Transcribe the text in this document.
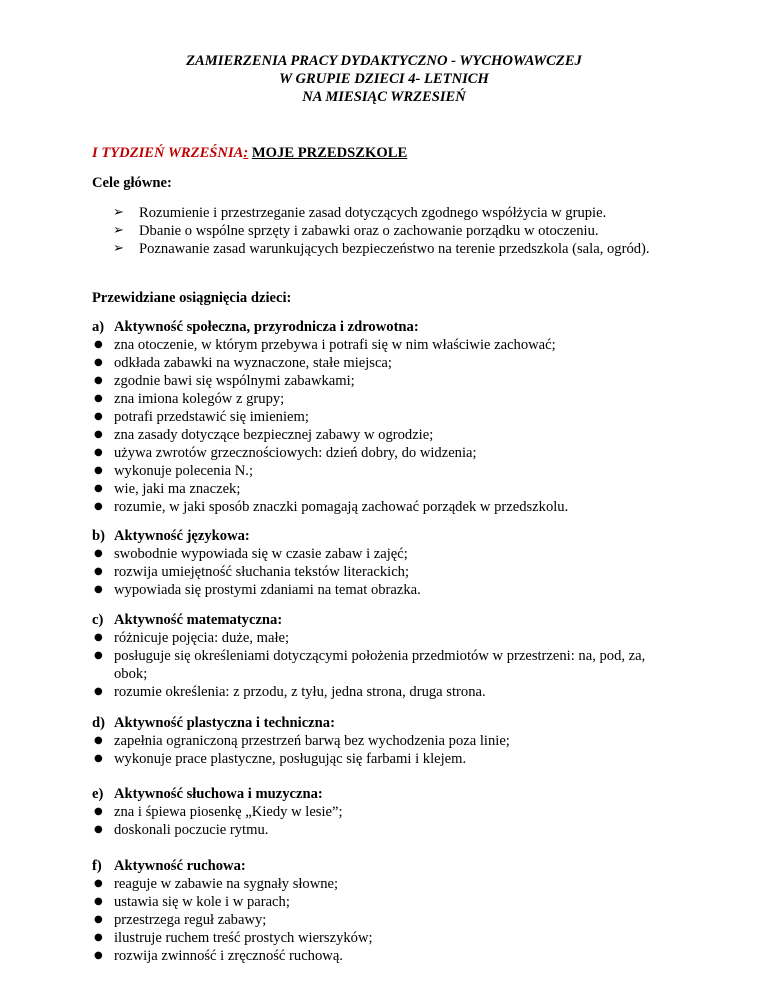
ZAMIERZENIA PRACY DYDAKTYCZNO - WYCHOWAWCZEJ
W GRUPIE DZIECI 4- LETNICH
NA MIESIĄC WRZESIEŃ
I TYDZIEŃ WRZEŚNIA: MOJE PRZEDSZKOLE
Cele główne:
➢ Rozumienie i przestrzeganie zasad dotyczących zgodnego współżycia w grupie.
➢ Dbanie o wspólne sprzęty i zabawki oraz o zachowanie porządku w otoczeniu.
➢ Poznawanie zasad warunkujących bezpieczeństwo na terenie przedszkola (sala, ogród).
Przewidziane osiągnięcia dzieci:
a) Aktywność społeczna, przyrodnicza i zdrowotna:
● zna otoczenie, w którym przebywa i potrafi się w nim właściwie zachować;
● odkłada zabawki na wyznaczone, stałe miejsca;
● zgodnie bawi się wspólnymi zabawkami;
● zna imiona kolegów z grupy;
● potrafi przedstawić się imieniem;
● zna zasady dotyczące bezpiecznej zabawy w ogrodzie;
● używa zwrotów grzecznościowych: dzień dobry, do widzenia;
● wykonuje polecenia N.;
● wie, jaki ma znaczek;
● rozumie, w jaki sposób znaczki pomagają zachować porządek w przedszkolu.
b) Aktywność językowa:
● swobodnie wypowiada się w czasie zabaw i zajęć;
● rozwija umiejętność słuchania tekstów literackich;
● wypowiada się prostymi zdaniami na temat obrazka.
c) Aktywność matematyczna:
● różnicuje pojęcia: duże, małe;
● posługuje się określeniami dotyczącymi położenia przedmiotów w przestrzeni: na, pod, za, obok;
● rozumie określenia: z przodu, z tyłu, jedna strona, druga strona.
d) Aktywność plastyczna i techniczna:
● zapełnia ograniczoną przestrzeń barwą bez wychodzenia poza linie;
● wykonuje prace plastyczne, posługując się farbami i klejem.
e) Aktywność słuchowa i muzyczna:
● zna i śpiewa piosenkę „Kiedy w lesie”;
● doskonali poczucie rytmu.
f) Aktywność ruchowa:
● reaguje w zabawie na sygnały słowne;
● ustawia się w kole i w parach;
● przestrzega reguł zabawy;
● ilustruje ruchem treść prostych wierszyków;
● rozwija zwinność i zręczność ruchową.
